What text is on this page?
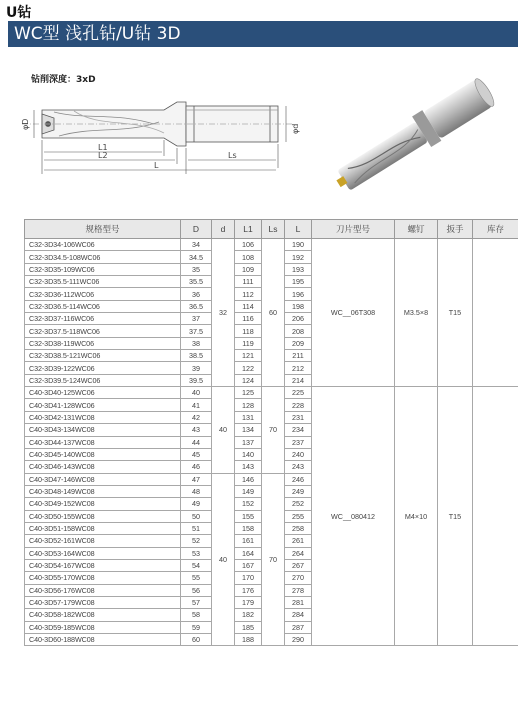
U钻
WC型 浅孔钻/U钻 3D
钻削深度：3xD
φD	φd
L1
L2
L
Ls
规格型号	D	d	L1	Ls	L	刀片型号	螺钉	扳手	库存
C32-3D34-106WC06	34	32	106	60	190	WC__06T308	M3.5×8	T15	
C32-3D34.5-108WC06	34.5		108		192				
C32-3D35-109WC06	35		109		193				
C32-3D35.5-111WC06	35.5		111		195				
C32-3D36-112WC06	36		112		196				
C32-3D36.5-114WC06	36.5		114		198				
C32-3D37-116WC06	37		116		206				
C32-3D37.5-118WC06	37.5		118		208				
C32-3D38-119WC06	38		119		209				
C32-3D38.5-121WC06	38.5		121		211				
C32-3D39-122WC06	39		122		212				
C32-3D39.5-124WC06	39.5		124		214				
C40-3D40-125WC06	40	40	125	70	225	WC__080412	M4×10	T15	
C40-3D41-128WC06	41		128		228				
C40-3D42-131WC08	42		131		231				
C40-3D43-134WC08	43		134		234				
C40-3D44-137WC08	44		137		237				
C40-3D45-140WC08	45		140		240				
C40-3D46-143WC08	46		143		243				
C40-3D47-146WC08	47	40	146	70	246				
C40-3D48-149WC08	48		149		249				
C40-3D49-152WC08	49		152		252				
C40-3D50-155WC08	50		155		255				
C40-3D51-158WC08	51		158		258				
C40-3D52-161WC08	52		161		261				
C40-3D53-164WC08	53		164		264				
C40-3D54-167WC08	54		167		267				
C40-3D55-170WC08	55		170		270				
C40-3D56-176WC08	56		176		278				
C40-3D57-179WC08	57		179		281				
C40-3D58-182WC08	58		182		284				
C40-3D59-185WC08	59		185		287				
C40-3D60-188WC08	60		188		290				
